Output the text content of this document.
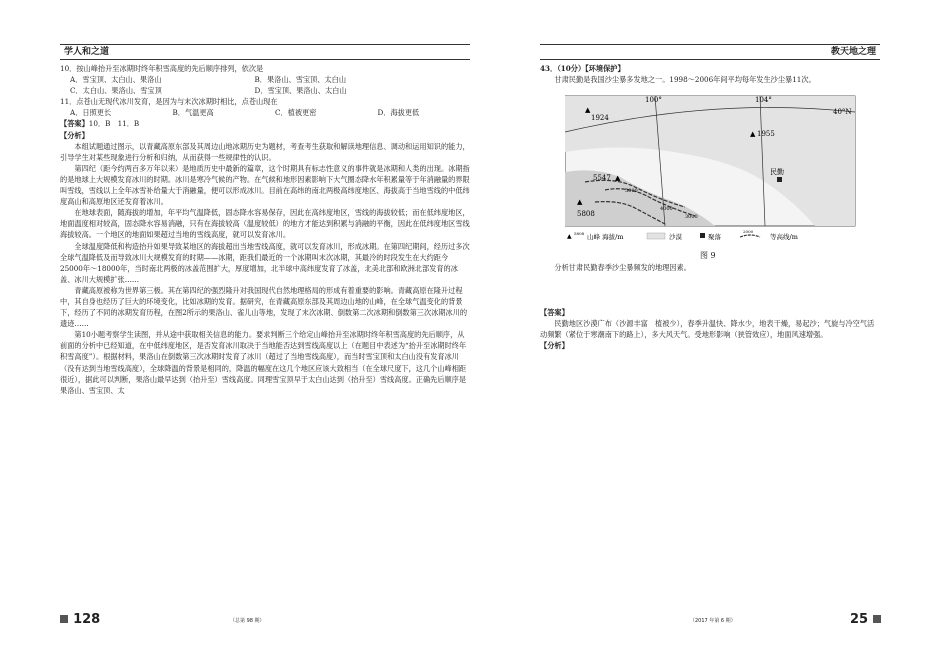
学人和之道	教天地之理

10．按山峰抬升至冰期时终年积雪高度的先后顺序排列，依次是

A．雪宝顶、太白山、果洛山	B．果洛山、雪宝顶、太白山
C．太白山、果洛山、雪宝顶	D．雪宝顶、果洛山、太白山

11．点苍山无现代冰川发育，是因为与末次冰期时相比，点苍山现在

A．日照更长	B．气温更高	C．植被更密	D．海拔更低

【答案】10．B　11．B

【分析】

本组试题通过图示，以青藏高原东部及其周边山地冰期历史为题材，考查考生获取和解读地理信息、调动和运用知识的能力，引导学生对某些现象进行分析和归纳，从而获得一些规律性的认识。

第四纪（距今约两百多万年以来）是地质历史中最新的篇章，这个时期具有标志性意义的事件就是冰期和人类的出现。冰期指的是地球上大规模发育冰川的时期。冰川是寒冷气候的产物。在气候和地形因素影响下大气圈态降水年积累量等于年消融量的界限叫雪线，雪线以上全年冰雪补给量大于消融量，便可以形成冰川。目前在高纬的南北两极高纬度地区、海拔高于当地雪线的中低纬度高山和高原地区还发育着冰川。

在地球表面，随海拔的增加，年平均气温降低，固态降水容易保存，因此在高纬度地区，雪线的海拔较低；而在低纬度地区，地面温度相对较高，固态降水容易消融，只有在海拔较高（温度较低）的地方才能达到积累与消融的平衡，因此在低纬度地区雪线海拔较高。一个地区的地面如果超过当地的雪线高度，就可以发育冰川。

全球温度降低和构造抬升如果导致某地区的海拔超出当地雪线高度，就可以发育冰川，形成冰期。在第四纪期间，经历过多次全球气温降低及而导致冰川大规模发育的时期——冰期，距我们最近的一个冰期叫末次冰期，其最冷的时段发生在大约距今25000年～18000年，当时南北两极的冰盖范围扩大，厚度增加，北半球中高纬度发育了冰盖，北美北部和欧洲北部发育的冰盖、冰川大规模扩张……

青藏高原被称为世界第三极。其在第四纪的强烈隆升对我国现代自然地理格局的形成有着重要的影响。青藏高原在隆升过程中，其自身也经历了巨大的环境变化，比如冰期的发育。据研究，在青藏高原东部及其周边山地的山峰，在全球气温变化的背景下，经历了不同的冰期发育历程，在图2所示的果洛山、雀儿山等地，发现了末次冰期、倒数第二次冰期和倒数第三次冰期冰川的遗迹……

第10小题考察学生读图，并从途中获取相关信息的能力。要求判断三个给定山峰抬升至冰期时终年积雪高度的先后顺序，从前面的分析中已经知道，在中低纬度地区，是否发育冰川取决于当地能否达到雪线高度以上（在题目中表述为“抬升至冰期时终年积雪高度”）。根据材料，果洛山在倒数第三次冰期时发育了冰川（超过了当地雪线高度），而当时雪宝顶和太白山没有发育冰川（没有达到当地雪线高度），全球降温的背景是相同的，降温的幅度在这几个地区应该大致相当（在全球尺度下，这几个山峰相距很近），据此可以判断，果洛山最早达到（抬升至）雪线高度。同理雪宝顶早于太白山达到（抬升至）雪线高度。正确先后顺序是果洛山、雪宝顶、太

43．（10分）【环境保护】

甘肃民勤是我国沙尘暴多发地之一。1998～2006年间平均每年发生沙尘暴11次。

100°	104°
40°N
1924
▲
▲ 1955
5547 ▲
▲
5808
5000
4000
3000
民勤
▲ 5808 山峰 海拔/m	沙漠	聚落
2000
等高线/m
图 9

分析甘肃民勤春季沙尘暴频发的地理因素。

【答案】

民勤地区沙漠广布（沙源丰富　植被少），春季升温快、降水少，地表干燥，易起沙；气旋与冷空气活动频繁（紧位于寒潮南下的路上），多大风天气。受地形影响（狭管效应），地面风速增强。

【分析】

128	（总第 98 期）	（2017 年第 6 期）	25
